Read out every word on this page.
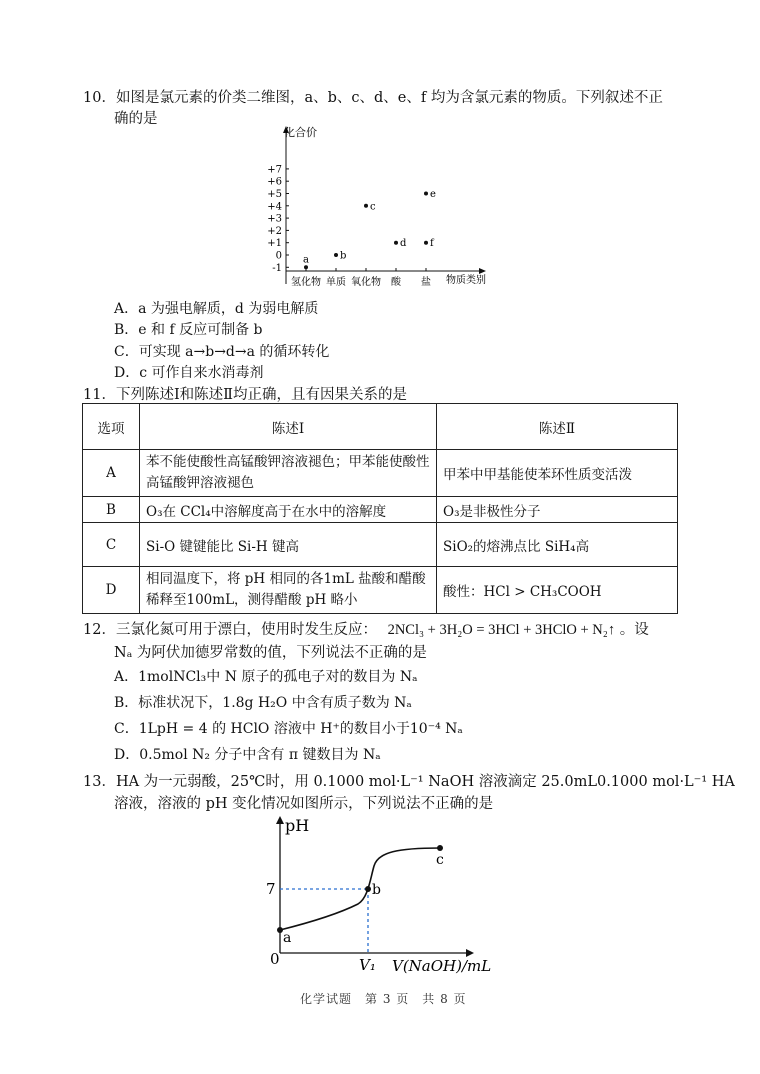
10．如图是氯元素的价类二维图，a、b、c、d、e、f 均为含氯元素的物质。下列叙述不正
确的是
化合价
物质类别
+7
+6
+5
+4
+3
+2
+1
0
-1
氢化物 单质 氧化物 酸 盐
a	b
c
d
e
f
A．a 为强电解质，d 为弱电解质
B．e 和 f 反应可制备 b
C．可实现 a→b→d→a 的循环转化
D．c 可作自来水消毒剂
11．下列陈述Ⅰ和陈述Ⅱ均正确，且有因果关系的是
选项	陈述Ⅰ	陈述Ⅱ
A	苯不能使酸性高锰酸钾溶液褪色；甲苯能使酸性高锰酸钾溶液褪色	甲苯中甲基能使苯环性质变活泼
B	O₃在 CCl₄中溶解度高于在水中的溶解度	O₃是非极性分子
C	Si-O 键键能比 Si-H 键高	SiO₂的熔沸点比 SiH₄高
D	相同温度下，将 pH 相同的各1mL 盐酸和醋酸稀释至100mL，测得醋酸 pH 略小	酸性：HCl > CH₃COOH
12．三氯化氮可用于漂白，使用时发生反应： 2NCl₃ + 3H₂O = 3HCl + 3HClO + N₂↑ 。设
Nₐ 为阿伏加德罗常数的值，下列说法不正确的是
A．1molNCl₃中 N 原子的孤电子对的数目为 Nₐ
B．标准状况下，1.8g H₂O 中含有质子数为 Nₐ
C．1LpH = 4 的 HClO 溶液中 H⁺的数目小于10⁻⁴ Nₐ
D．0.5mol N₂ 分子中含有 π 键数目为 Nₐ
13．HA 为一元弱酸，25℃时，用 0.1000 mol·L⁻¹ NaOH 溶液滴定 25.0mL0.1000 mol·L⁻¹ HA
溶液，溶液的 pH 变化情况如图所示，下列说法不正确的是
pH
V(NaOH)/mL
7
0	V₁
a
b
c
化学试题　第 3 页　共 8 页
